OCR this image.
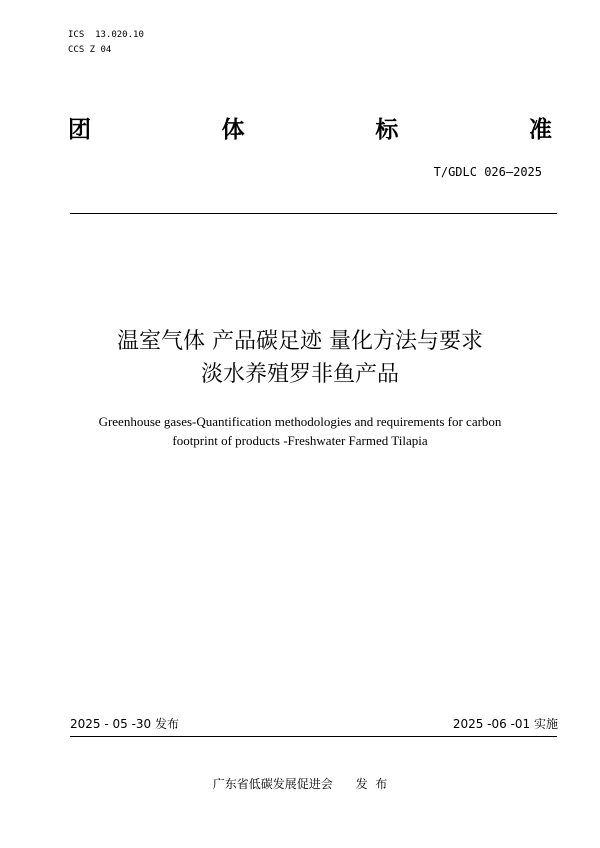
ICS  13.020.10
CCS Z 04
团	体	标	准
T/GDLC 026—2025
温室气体 产品碳足迹 量化方法与要求
淡水养殖罗非鱼产品
Greenhouse gases-Quantification methodologies and requirements for carbon
footprint of products -Freshwater Farmed Tilapia
2025 - 05 -30 发布	2025 -06 -01 实施
广东省低碳发展促进会      发  布
